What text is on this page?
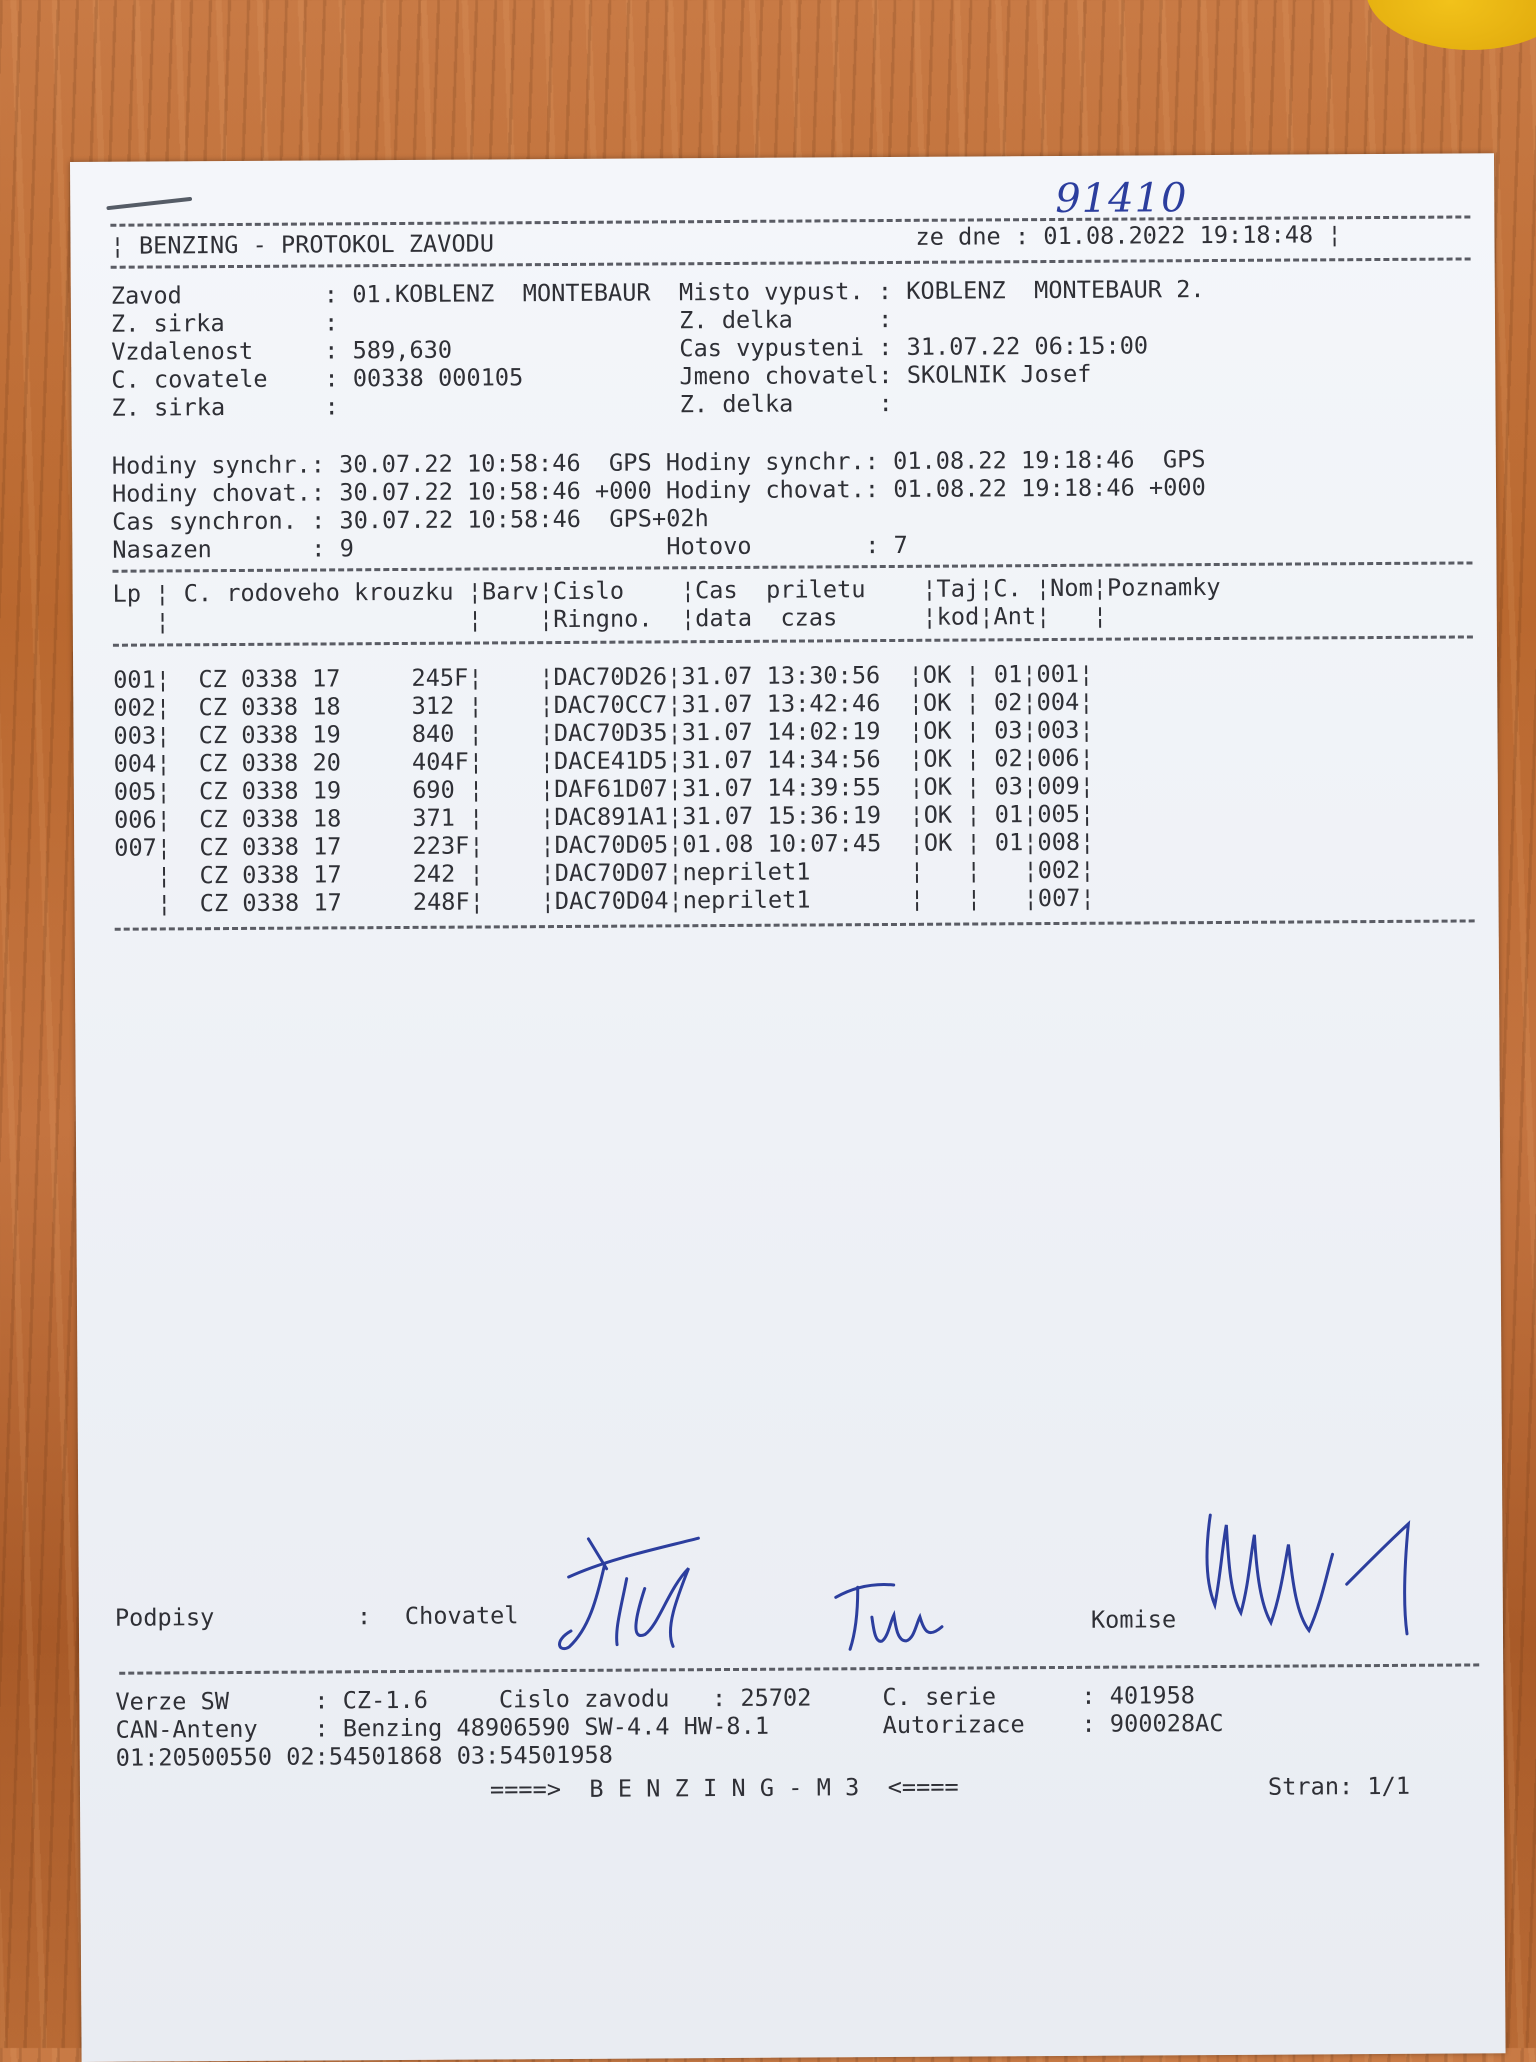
91410
¦ BENZING - PROTOKOL ZAVODU	ze dne : 01.08.2022 19:18:48 ¦
Zavod          : 01.KOBLENZ  MONTEBAUR  Misto vypust. : KOBLENZ  MONTEBAUR 2.
Z. sirka       :                        Z. delka      :
Vzdalenost     : 589,630                Cas vypusteni : 31.07.22 06:15:00
C. covatele    : 00338 000105           Jmeno chovatel: SKOLNIK Josef
Z. sirka       :                        Z. delka      :
Hodiny synchr.: 30.07.22 10:58:46  GPS Hodiny synchr.: 01.08.22 19:18:46  GPS
Hodiny chovat.: 30.07.22 10:58:46 +000 Hodiny chovat.: 01.08.22 19:18:46 +000
Cas synchron. : 30.07.22 10:58:46  GPS+02h
Nasazen       : 9                      Hotovo        : 7
Lp ¦ C. rodoveho krouzku ¦Barv¦Cislo    ¦Cas  priletu    ¦Taj¦C. ¦Nom¦Poznamky
¦                     ¦    ¦Ringno.  ¦data  czas      ¦kod¦Ant¦   ¦
001¦  CZ 0338 17     245F¦    ¦DAC70D26¦31.07 13:30:56  ¦OK ¦ 01¦001¦
002¦  CZ 0338 18     312 ¦    ¦DAC70CC7¦31.07 13:42:46  ¦OK ¦ 02¦004¦
003¦  CZ 0338 19     840 ¦    ¦DAC70D35¦31.07 14:02:19  ¦OK ¦ 03¦003¦
004¦  CZ 0338 20     404F¦    ¦DACE41D5¦31.07 14:34:56  ¦OK ¦ 02¦006¦
005¦  CZ 0338 19     690 ¦    ¦DAF61D07¦31.07 14:39:55  ¦OK ¦ 03¦009¦
006¦  CZ 0338 18     371 ¦    ¦DAC891A1¦31.07 15:36:19  ¦OK ¦ 01¦005¦
007¦  CZ 0338 17     223F¦    ¦DAC70D05¦01.08 10:07:45  ¦OK ¦ 01¦008¦
¦  CZ 0338 17     242 ¦    ¦DAC70D07¦neprilet1       ¦   ¦   ¦002¦
¦  CZ 0338 17     248F¦    ¦DAC70D04¦neprilet1       ¦   ¦   ¦007¦
Podpisy	: Chovatel	Komise
Verze SW      : CZ-1.6     Cislo zavodu   : 25702     C. serie      : 401958
CAN-Anteny    : Benzing 48906590 SW-4.4 HW-8.1        Autorizace    : 900028AC
01:20500550 02:54501868 03:54501958
====>  B E N Z I N G - M 3  <====	Stran: 1/1
